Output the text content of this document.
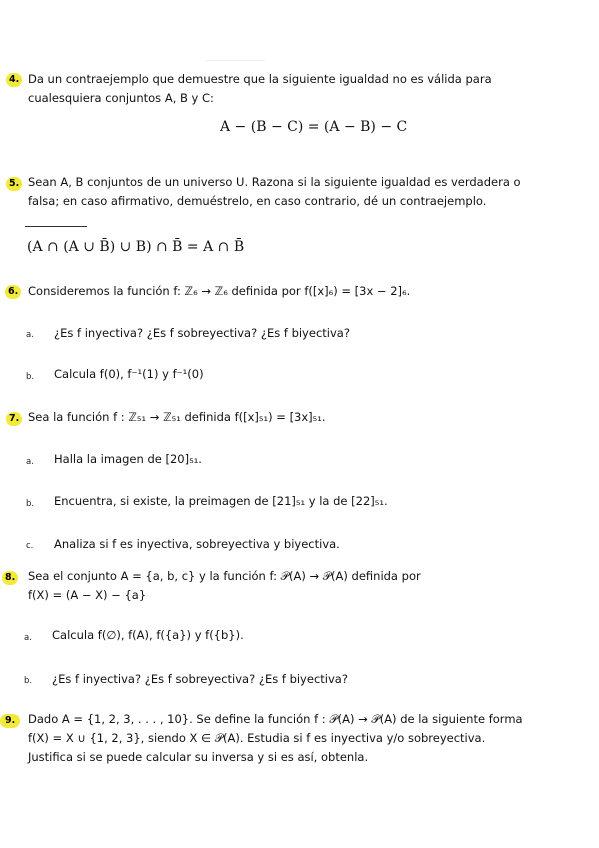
4. Da un contraejemplo que demuestre que la siguiente igualdad no es válida para
cualesquiera conjuntos A, B y C:
A − (B − C) = (A − B) − C
5. Sean A, B conjuntos de un universo U. Razona si la siguiente igualdad es verdadera o
falsa; en caso afirmativo, demuéstrelo, en caso contrario, dé un contraejemplo.
(A ∩ (A ∪ B̄) ∪ B) ∩ B̄ = A ∩ B̄
6. Consideremos la función f: ℤ₆ → ℤ₆ definida por f([x]₆) = [3x − 2]₆.
a. ¿Es f inyectiva? ¿Es f sobreyectiva? ¿Es f biyectiva?
b. Calcula f(0), f⁻¹(1) y f⁻¹(0)
7. Sea la función f : ℤ₅₁ → ℤ₅₁ definida f([x]₅₁) = [3x]₅₁.
a. Halla la imagen de [20]₅₁.
b. Encuentra, si existe, la preimagen de [21]₅₁ y la de [22]₅₁.
c. Analiza si f es inyectiva, sobreyectiva y biyectiva.
8. Sea el conjunto A = {a, b, c} y la función f: 𝒫(A) → 𝒫(A) definida por
f(X) = (A − X) − {a}
a. Calcula f(∅), f(A), f({a}) y f({b}).
b. ¿Es f inyectiva? ¿Es f sobreyectiva? ¿Es f biyectiva?
9.	Dado A = {1, 2, 3, . . . , 10}. Se define la función f : 𝒫(A) → 𝒫(A) de la siguiente forma
f(X) = X ∪ {1, 2, 3}, siendo X ∈ 𝒫(A). Estudia si f es inyectiva y/o sobreyectiva.
Justifica si se puede calcular su inversa y si es así, obtenla.
